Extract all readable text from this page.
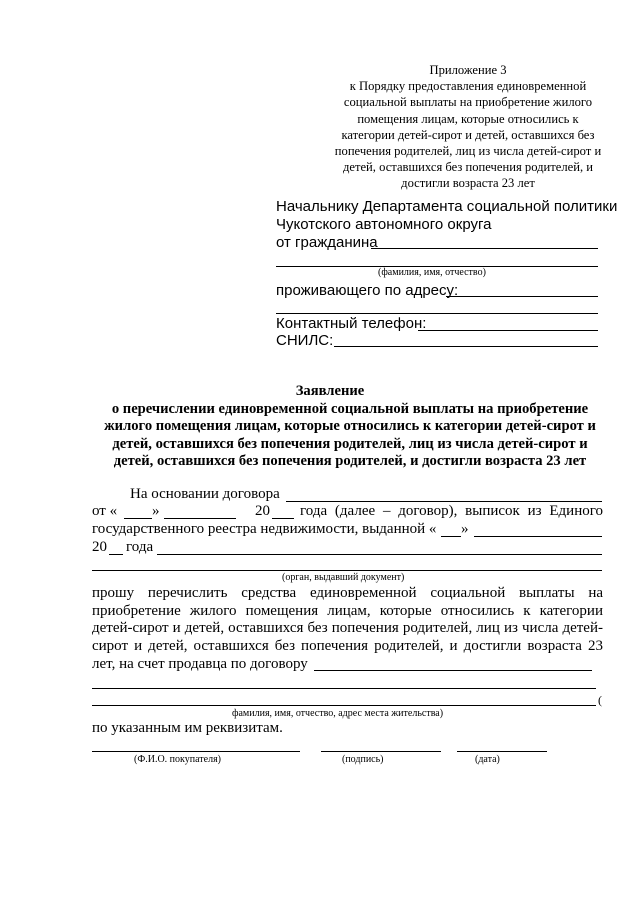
Приложение 3
к Порядку предоставления единовременной
социальной выплаты на приобретение жилого
помещения лицам, которые относились к
категории детей-сирот и детей, оставшихся без
попечения родителей, лиц из числа детей-сирот и
детей, оставшихся без попечения родителей, и
достигли возраста 23 лет
Начальнику Департамента социальной политики
Чукотского автономного округа
от гражданина
(фамилия, имя, отчество)
проживающего по адресу:
Контактный телефон:
СНИЛС:
Заявление
о перечислении единовременной социальной выплаты на приобретение
жилого помещения лицам, которые относились к категории детей-сирот и
детей, оставшихся без попечения родителей, лиц из числа детей-сирот и
детей, оставшихся без попечения родителей, и достигли возраста 23 лет
На основании договора
от « »	20 года (далее – договор), выписок из Единого
государственного реестра недвижимости, выданной « »
20 года
(орган, выдавший документ)
прошу перечислить средства единовременной социальной выплаты на
приобретение жилого помещения лицам, которые относились к категории
детей-сирот и детей, оставшихся без попечения родителей, лиц из числа детей-
сирот и детей, оставшихся без попечения родителей, и достигли возраста 23
лет, на счет продавца по договору
(
фамилия, имя, отчество, адрес места жительства)
по указанным им реквизитам.
(Ф.И.О. покупателя)	(подпись)	(дата)
